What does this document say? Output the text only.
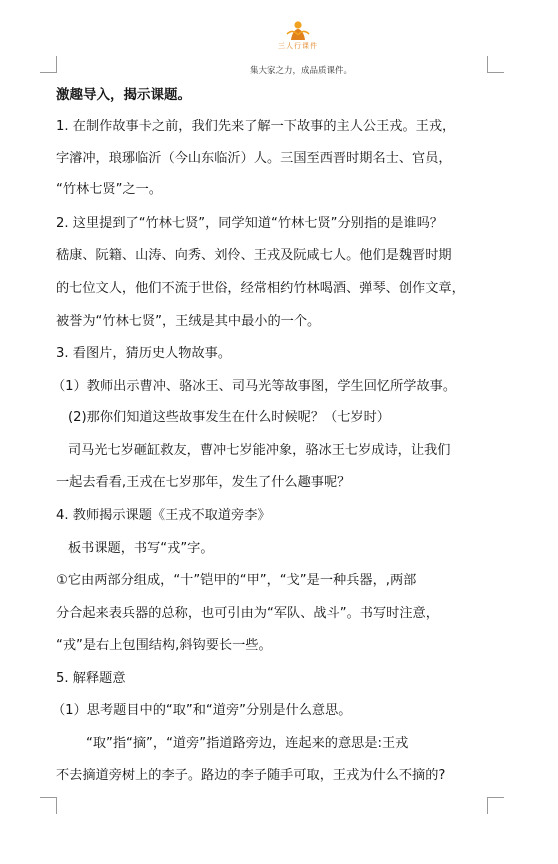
三人行课件
集大家之力，成品质课件。
激趣导入，揭示课题。
1. 在制作故事卡之前，我们先来了解一下故事的主人公王戎。王戎，
字濬冲，琅琊临沂（今山东临沂）人。三国至西晋时期名士、官员，
“竹林七贤”之一。
2. 这里提到了“竹林七贤”，同学知道“竹林七贤”分别指的是谁吗？
嵇康、阮籍、山涛、向秀、刘伶、王戎及阮咸七人。他们是魏晋时期
的七位文人，他们不流于世俗，经常相约竹林喝酒、弹琴、创作文章，
被誉为“竹林七贤”，王绒是其中最小的一个。
3. 看图片，猜历史人物故事。
（1）教师出示曹冲、骆冰王、司马光等故事图，学生回忆所学故事。
(2)那你们知道这些故事发生在什么时候呢？（七岁时）
司马光七岁砸缸救友，曹冲七岁能冲象，骆冰王七岁成诗，让我们
一起去看看,王戎在七岁那年，发生了什么趣事呢？
4. 教师揭示课题《王戎不取道旁李》
板书课题，书写“戎”字。
①它由两部分组成，“十”铠甲的“甲”，“戈”是一种兵器，,两部
分合起来表兵器的总称，也可引由为“军队、战斗”。书写时注意，
“戎”是右上包围结构,斜钩要长一些。
5. 解释题意
（1）思考题目中的“取”和“道旁”分别是什么意思。
“取”指“摘”，“道旁”指道路旁边，连起来的意思是:王戎
不去摘道旁树上的李子。路边的李子随手可取，王戎为什么不摘的?
